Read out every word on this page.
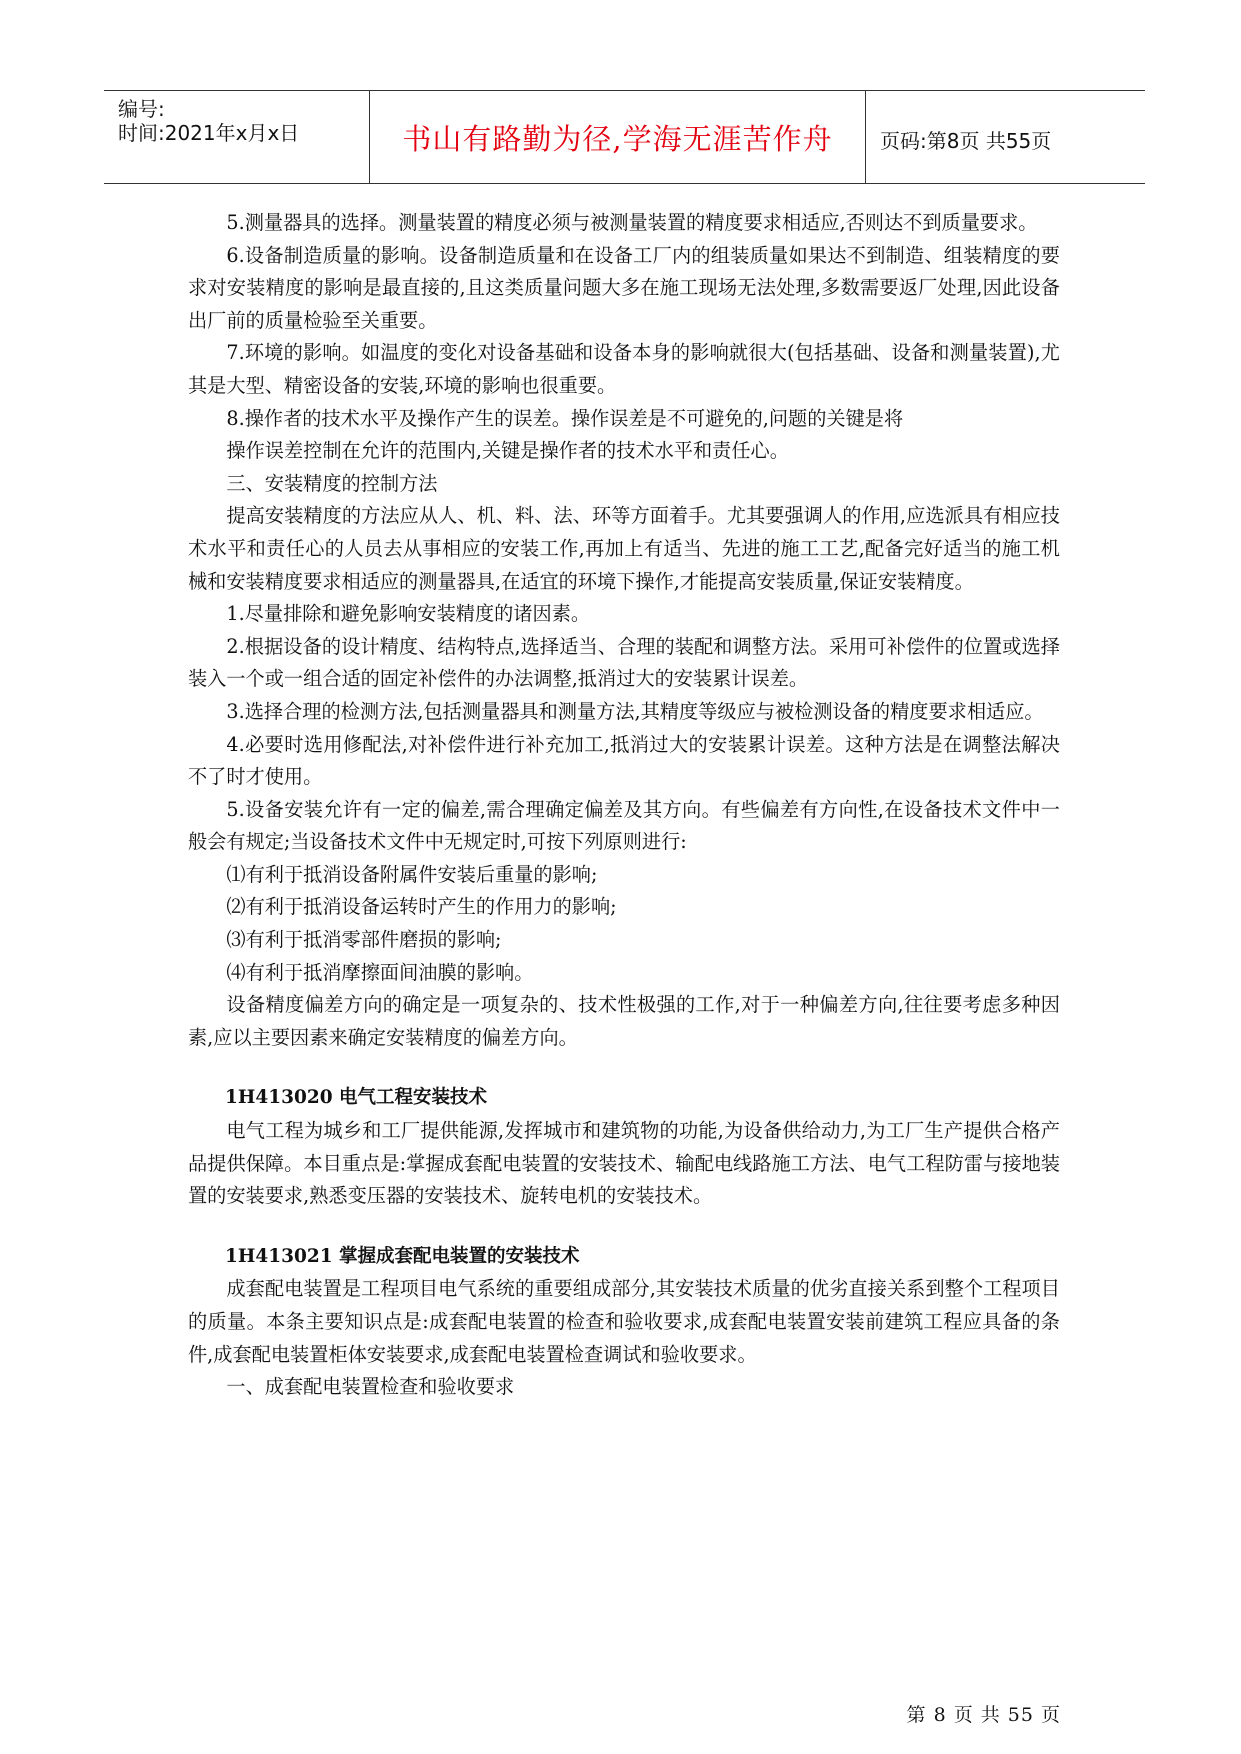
编号:
时间:2021年x月x日	书山有路勤为径,学海无涯苦作舟	页码:第8页 共55页

5.测量器具的选择。测量装置的精度必须与被测量装置的精度要求相适应,否则达不到质量要求。

6.设备制造质量的影响。设备制造质量和在设备工厂内的组装质量如果达不到制造、组装精度的要求对安装精度的影响是最直接的,且这类质量问题大多在施工现场无法处理,多数需要返厂处理,因此设备出厂前的质量检验至关重要。

7.环境的影响。如温度的变化对设备基础和设备本身的影响就很大(包括基础、设备和测量装置),尤其是大型、精密设备的安装,环境的影响也很重要。

8.操作者的技术水平及操作产生的误差。操作误差是不可避免的,问题的关键是将

操作误差控制在允许的范围内,关键是操作者的技术水平和责任心。

三、安装精度的控制方法

提高安装精度的方法应从人、机、料、法、环等方面着手。尤其要强调人的作用,应选派具有相应技术水平和责任心的人员去从事相应的安装工作,再加上有适当、先进的施工工艺,配备完好适当的施工机械和安装精度要求相适应的测量器具,在适宜的环境下操作,才能提高安装质量,保证安装精度。

1.尽量排除和避免影响安装精度的诸因素。

2.根据设备的设计精度、结构特点,选择适当、合理的装配和调整方法。采用可补偿件的位置或选择装入一个或一组合适的固定补偿件的办法调整,抵消过大的安装累计误差。

3.选择合理的检测方法,包括测量器具和测量方法,其精度等级应与被检测设备的精度要求相适应。

4.必要时选用修配法,对补偿件进行补充加工,抵消过大的安装累计误差。这种方法是在调整法解决不了时才使用。

5.设备安装允许有一定的偏差,需合理确定偏差及其方向。有些偏差有方向性,在设备技术文件中一般会有规定;当设备技术文件中无规定时,可按下列原则进行:

⑴有利于抵消设备附属件安装后重量的影响;

⑵有利于抵消设备运转时产生的作用力的影响;

⑶有利于抵消零部件磨损的影响;

⑷有利于抵消摩擦面间油膜的影响。

设备精度偏差方向的确定是一项复杂的、技术性极强的工作,对于一种偏差方向,往往要考虑多种因素,应以主要因素来确定安装精度的偏差方向。

1H413020 电气工程安装技术

电气工程为城乡和工厂提供能源,发挥城市和建筑物的功能,为设备供给动力,为工厂生产提供合格产品提供保障。本目重点是:掌握成套配电装置的安装技术、输配电线路施工方法、电气工程防雷与接地装置的安装要求,熟悉变压器的安装技术、旋转电机的安装技术。

1H413021 掌握成套配电装置的安装技术

成套配电装置是工程项目电气系统的重要组成部分,其安装技术质量的优劣直接关系到整个工程项目的质量。本条主要知识点是:成套配电装置的检查和验收要求,成套配电装置安装前建筑工程应具备的条件,成套配电装置柜体安装要求,成套配电装置检查调试和验收要求。

一、成套配电装置检查和验收要求

第 8 页 共 55 页
